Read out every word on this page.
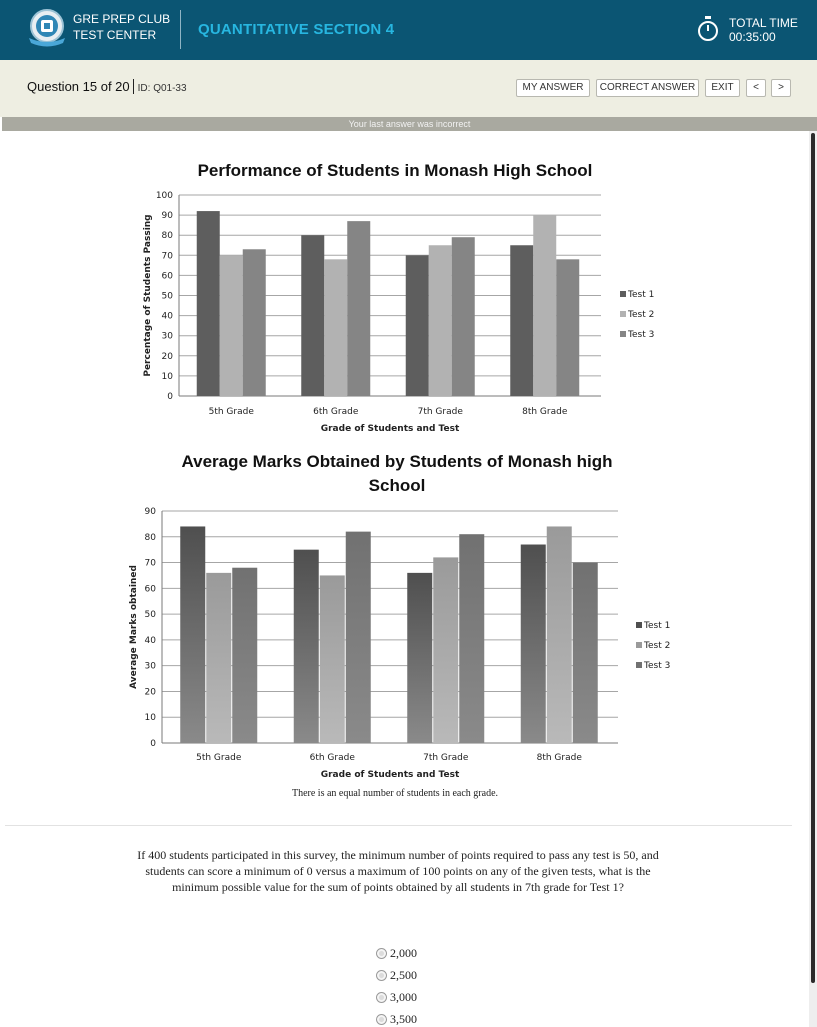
GRE PREP CLUB
TEST CENTER	QUANTITATIVE SECTION 4	TOTAL TIME
00:35:00
Question 15 of 20 ID: Q01-33	MY ANSWER	CORRECT ANSWER	EXIT	<	>
Your last answer was incorrect
Performance of Students in Monash High School
0
10
20
30
40
50
60
70
80
90
100
5th Grade	6th Grade	7th Grade	8th Grade
Grade of Students and Test
Percentage of Students Passing	Test 1
Test 2
Test 3
Average Marks Obtained by Students of Monash high
School
0
10
20
30
40
50
60
70
80
90
5th Grade	6th Grade	7th Grade	8th Grade
Grade of Students and Test
Average Marks obtained	Test 1
Test 2
Test 3
There is an equal number of students in each grade.
If 400 students participated in this survey, the minimum number of points required to pass any test is 50, and students can score a minimum of 0 versus a maximum of 100 points on any of the given tests, what is the minimum possible value for the sum of points obtained by all students in 7th grade for Test 1?
2,000
2,500
3,000
3,500
